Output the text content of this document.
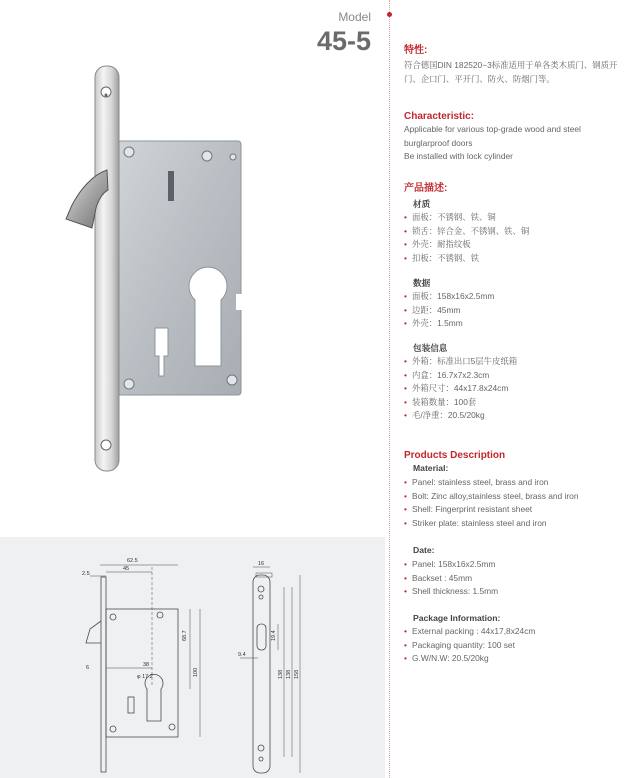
Model
45-5
62.5
45
2.5
68.7
100
38
6
φ 17.2
16
19.4
9.4
138 138 158
特性:
符合德国DIN 182520−3标准适用于单各类木质门、钢质开门、企口门、平开门、防火、防烟门等。
Characteristic:
Applicable for various top-grade wood and steel
burglarproof doors
Be installed with lock cylinder
产品描述:
材质
• 面板：不锈钢、铁、铜
• 锁舌：锌合金、不锈钢、铁、铜
• 外壳：耐指纹板
• 扣板：不锈钢、铁
数据
• 面板：158x16x2.5mm
• 边距：45mm
• 外壳：1.5mm
包装信息
• 外箱：标准出口5层牛皮纸箱
• 内盒：16.7x7x2.3cm
• 外箱尺寸：44x17.8x24cm
• 装箱数量：100套
• 毛/净重：20.5/20kg
Products Description
Material:
• Panel: stainless steel, brass and iron
• Bolt: Zinc alloy,stainless steel, brass and iron
• Shell: Fingerprint resistant sheet
• Striker plate: stainless steel and iron
Date:
• Panel: 158x16x2.5mm
• Backset : 45mm
• Shell thickness: 1.5mm
Package Information:
• External packing : 44x17,8x24cm
• Packaging quantity: 100 set
• G.W/N.W: 20.5/20kg
